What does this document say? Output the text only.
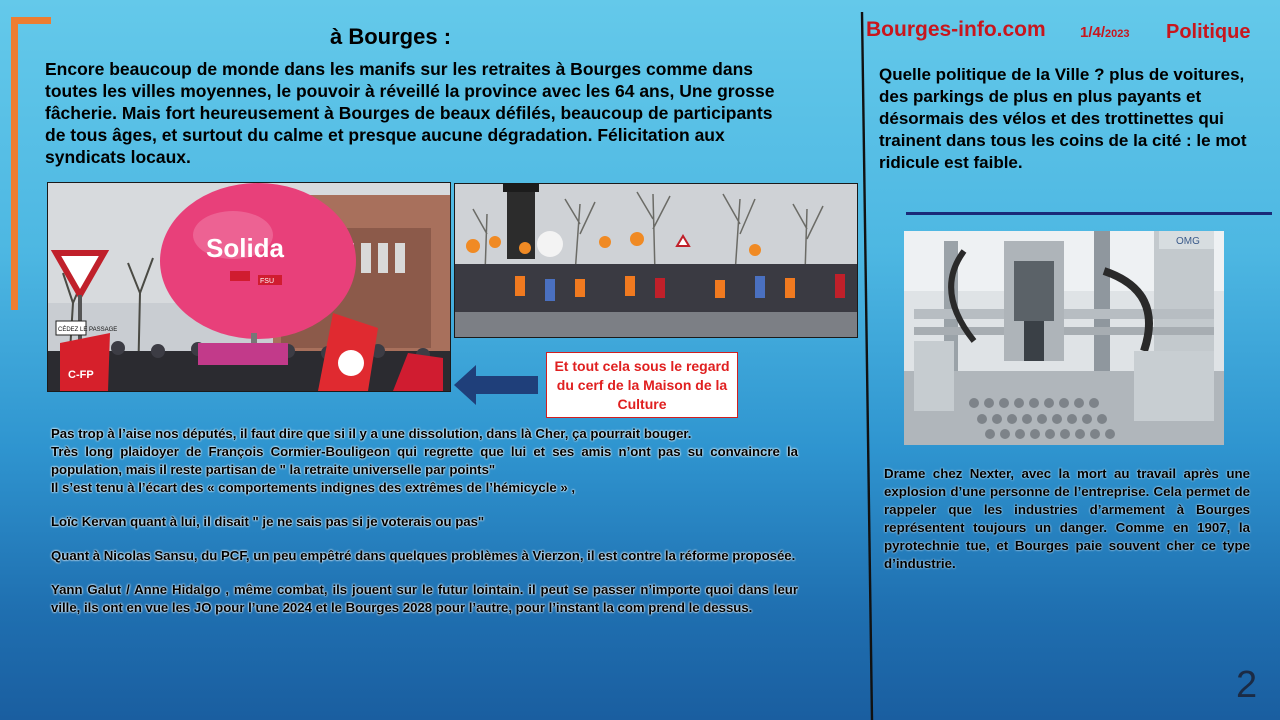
à Bourges :
Encore beaucoup de monde dans les manifs sur les retraites à Bourges comme dans toutes les villes moyennes, le pouvoir à réveillé la province avec les 64 ans, Une grosse fâcherie. Mais fort heureusement à Bourges de beaux défilés, beaucoup de participants de tous âges, et surtout du calme et presque aucune dégradation. Félicitation aux syndicats locaux.
CÉDEZ LE PASSAGE
Solida
FSU
C-FP
Et tout cela sous le regard du cerf de la Maison de la Culture

Pas trop à l’aise nos députés, il faut dire que si il y a une dissolution, dans là Cher, ça pourrait bouger.

Très long plaidoyer de François Cormier-Bouligeon qui regrette que lui et ses amis n’ont pas su convaincre la population, mais il reste partisan de " la retraite universelle par points"

Il s’est tenu à l’écart des « comportements indignes des extrêmes de l’hémicycle » ,

Loïc Kervan quant à lui, il disait " je ne sais pas si je voterais ou pas"

Quant à Nicolas Sansu, du PCF, un peu empêtré dans quelques problèmes à Vierzon, il est contre la réforme proposée.

Yann Galut / Anne Hidalgo , même combat, ils jouent sur le futur lointain. il peut se passer n’importe quoi dans leur ville, ils ont en vue les JO pour l’une 2024 et le Bourges 2028 pour l’autre, pour l’instant la com prend le dessus.

Bourges-info.com 1/4/2023 Politique
Quelle politique de la Ville ? plus de voitures, des parkings de plus en plus payants et désormais des vélos et des trottinettes qui trainent dans tous les coins de la cité : le mot ridicule est faible.
OMG
Drame chez Nexter, avec la mort au travail après une explosion d’une personne de l’entreprise. Cela permet de rappeler que les industries d’armement à Bourges représentent toujours un danger. Comme en 1907, la pyrotechnie tue, et Bourges paie souvent cher ce type d’industrie.
2
